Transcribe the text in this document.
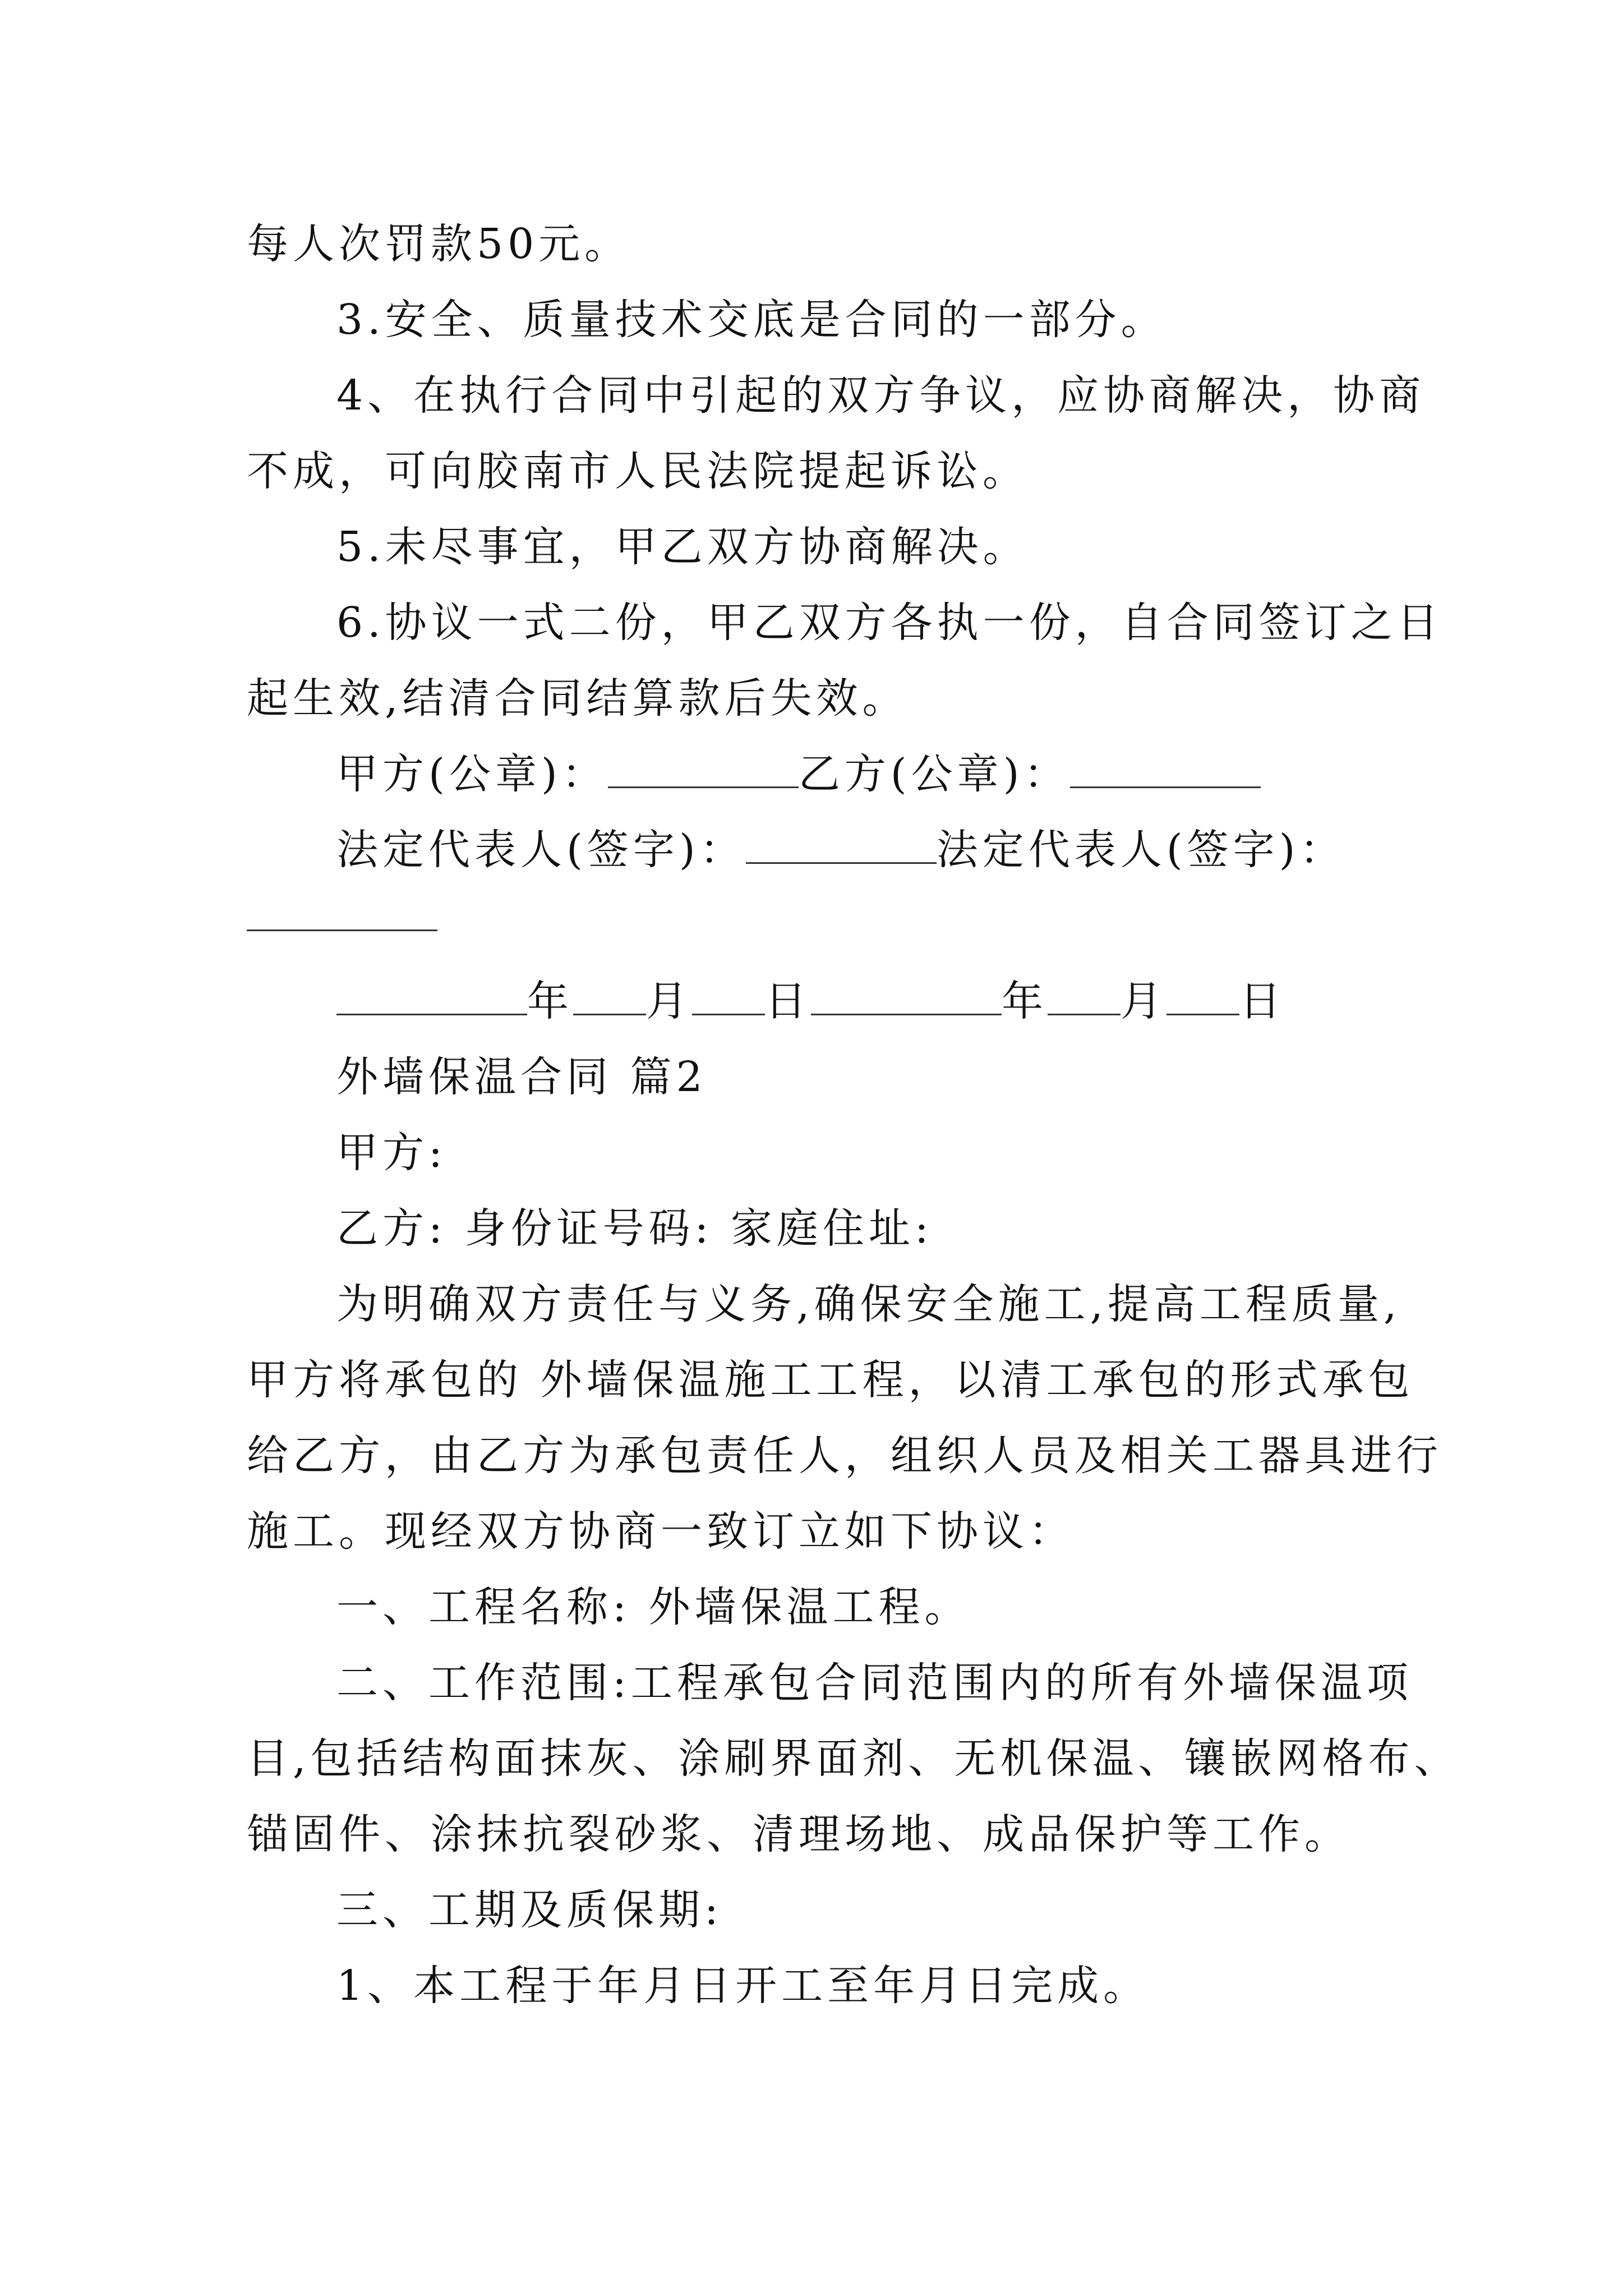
每人次罚款50元。
3.安全、质量技术交底是合同的一部分。
4、在执行合同中引起的双方争议，应协商解决，协商
不成，可向胶南市人民法院提起诉讼。
5.未尽事宜，甲乙双方协商解决。
6.协议一式二份，甲乙双方各执一份，自合同签订之日
起生效,结清合同结算款后失效。
甲方(公章)：	乙方(公章)：
法定代表人(签字)：	法定代表人(签字)：
年 月 日	年 月 日
外墙保温合同 篇2
甲方:
乙方: 身份证号码: 家庭住址:
为明确双方责任与义务,确保安全施工,提高工程质量,
甲方将承包的 外墙保温施工工程，以清工承包的形式承包
给乙方，由乙方为承包责任人，组织人员及相关工器具进行
施工。现经双方协商一致订立如下协议：
一、工程名称: 外墙保温工程。
二、工作范围:工程承包合同范围内的所有外墙保温项
目,包括结构面抹灰、涂刷界面剂、无机保温、镶嵌网格布、
锚固件、涂抹抗裂砂浆、清理场地、成品保护等工作。
三、工期及质保期:
1、本工程于年月日开工至年月日完成。
